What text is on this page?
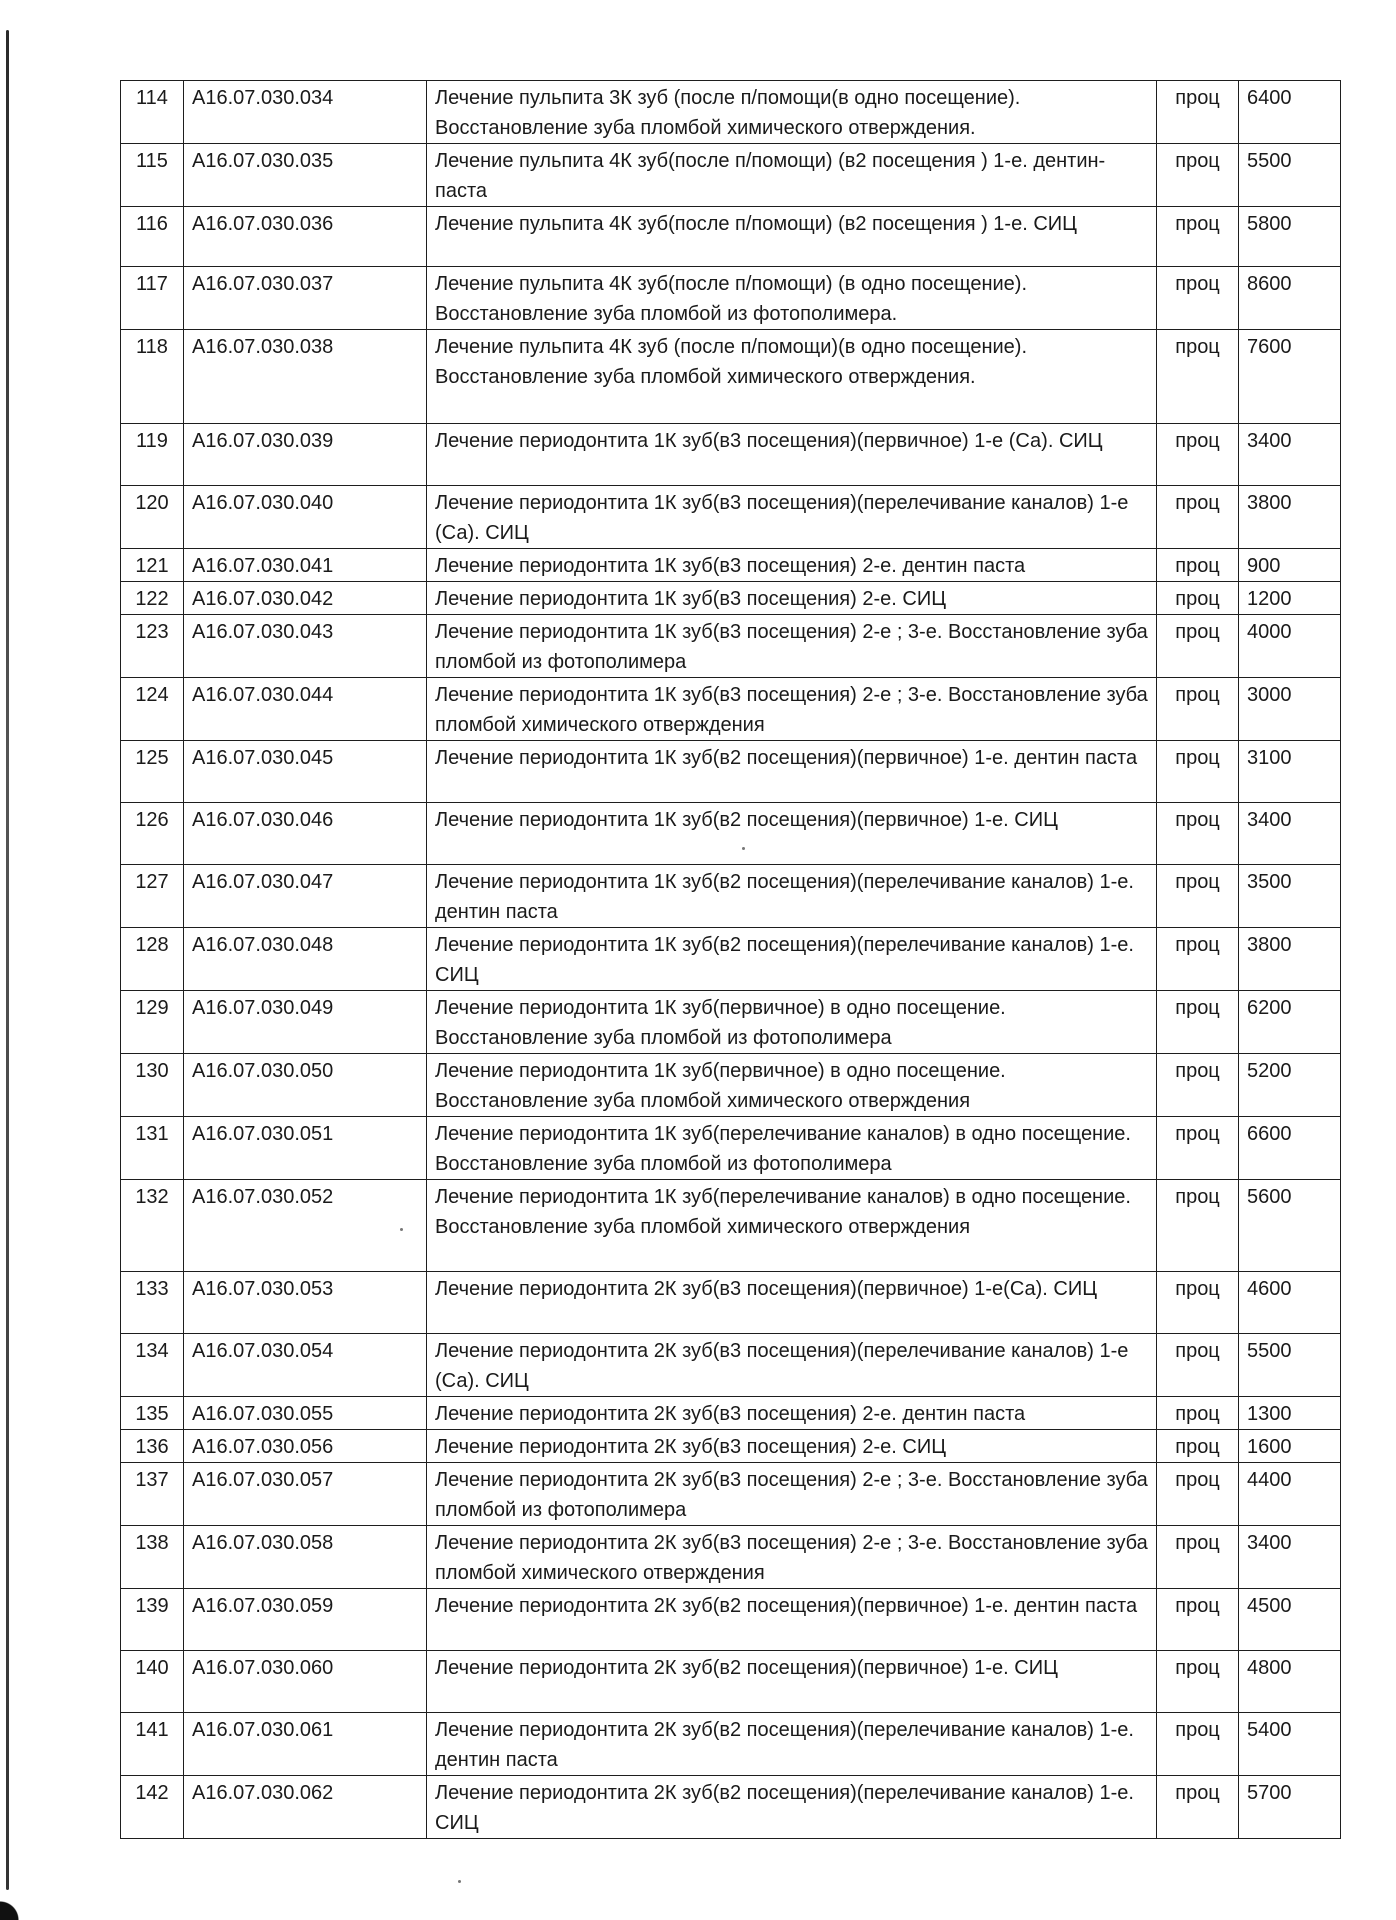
114	А16.07.030.034	Лечение пульпита 3К зуб (после п/помощи(в одно посещение). Восстановление зуба пломбой химического отверждения.	проц	6400
115	А16.07.030.035	Лечение пульпита 4К зуб(после п/помощи) (в2 посещения ) 1-е. дентин-паста	проц	5500
116	А16.07.030.036	Лечение пульпита 4К зуб(после п/помощи) (в2 посещения ) 1-е. СИЦ	проц	5800
117	А16.07.030.037	Лечение пульпита 4К зуб(после п/помощи) (в одно посещение). Восстановление зуба пломбой из фотополимера.	проц	8600
118	А16.07.030.038	Лечение пульпита 4К зуб (после п/помощи)(в одно посещение). Восстановление зуба пломбой химического отверждения.	проц	7600
119	А16.07.030.039	Лечение периодонтита 1К зуб(в3 посещения)(первичное) 1-е (Са). СИЦ	проц	3400
120	А16.07.030.040	Лечение периодонтита 1К зуб(в3 посещения)(перелечивание каналов) 1-е (Са). СИЦ	проц	3800
121	А16.07.030.041	Лечение периодонтита 1К зуб(в3 посещения) 2-е. дентин паста	проц	900
122	А16.07.030.042	Лечение периодонтита 1К зуб(в3 посещения) 2-е. СИЦ	проц	1200
123	А16.07.030.043	Лечение периодонтита 1К зуб(в3 посещения) 2-е ; 3-е. Восстановление зуба пломбой из фотополимера	проц	4000
124	А16.07.030.044	Лечение периодонтита 1К зуб(в3 посещения) 2-е ; 3-е. Восстановление зуба пломбой химического отверждения	проц	3000
125	А16.07.030.045	Лечение периодонтита 1К зуб(в2 посещения)(первичное) 1-е. дентин паста	проц	3100
126	А16.07.030.046	Лечение периодонтита 1К зуб(в2 посещения)(первичное) 1-е. СИЦ	проц	3400
127	А16.07.030.047	Лечение периодонтита 1К зуб(в2 посещения)(перелечивание каналов) 1-е. дентин паста	проц	3500
128	А16.07.030.048	Лечение периодонтита 1К зуб(в2 посещения)(перелечивание каналов) 1-е. СИЦ	проц	3800
129	А16.07.030.049	Лечение периодонтита 1К зуб(первичное) в одно посещение. Восстановление зуба пломбой из фотополимера	проц	6200
130	А16.07.030.050	Лечение периодонтита 1К зуб(первичное) в одно посещение. Восстановление зуба пломбой химического отверждения	проц	5200
131	А16.07.030.051	Лечение периодонтита 1К зуб(перелечивание каналов) в одно посещение. Восстановление зуба пломбой из фотополимера	проц	6600
132	А16.07.030.052	Лечение периодонтита 1К зуб(перелечивание каналов) в одно посещение. Восстановление зуба пломбой химического отверждения	проц	5600
133	А16.07.030.053	Лечение периодонтита 2К зуб(в3 посещения)(первичное) 1-е(Са). СИЦ	проц	4600
134	А16.07.030.054	Лечение периодонтита 2К зуб(в3 посещения)(перелечивание каналов) 1-е (Са). СИЦ	проц	5500
135	А16.07.030.055	Лечение периодонтита 2К зуб(в3 посещения) 2-е. дентин паста	проц	1300
136	А16.07.030.056	Лечение периодонтита 2К зуб(в3 посещения) 2-е. СИЦ	проц	1600
137	А16.07.030.057	Лечение периодонтита 2К зуб(в3 посещения) 2-е ; 3-е. Восстановление зуба пломбой из фотополимера	проц	4400
138	А16.07.030.058	Лечение периодонтита 2К зуб(в3 посещения) 2-е ; 3-е. Восстановление зуба пломбой химического отверждения	проц	3400
139	А16.07.030.059	Лечение периодонтита 2К зуб(в2 посещения)(первичное) 1-е. дентин паста	проц	4500
140	А16.07.030.060	Лечение периодонтита 2К зуб(в2 посещения)(первичное) 1-е. СИЦ	проц	4800
141	А16.07.030.061	Лечение периодонтита 2К зуб(в2 посещения)(перелечивание каналов) 1-е. дентин паста	проц	5400
142	А16.07.030.062	Лечение периодонтита 2К зуб(в2 посещения)(перелечивание каналов) 1-е. СИЦ	проц	5700
